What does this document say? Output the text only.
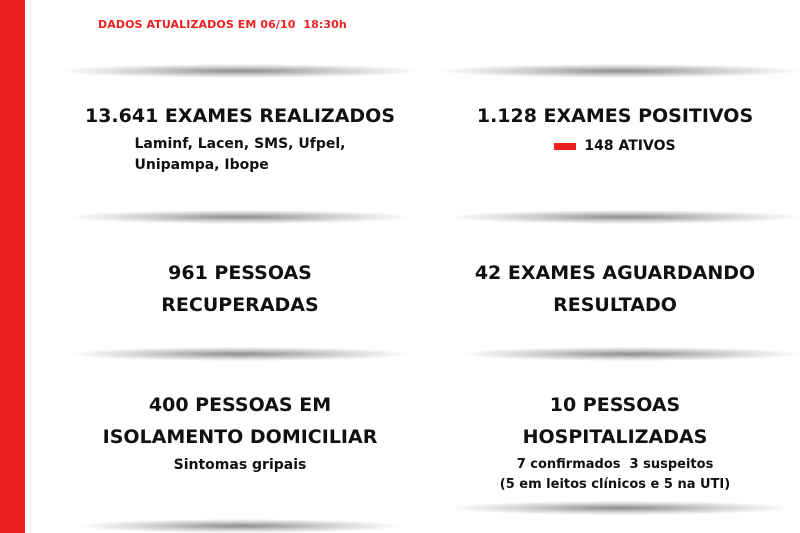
DADOS ATUALIZADOS EM 06/10  18:30h
13.641 EXAMES REALIZADOS
Laminf, Lacen, SMS, Ufpel,
Unipampa, Ibope
1.128 EXAMES POSITIVOS
148 ATIVOS
961 PESSOAS
RECUPERADAS
42 EXAMES AGUARDANDO
RESULTADO
400 PESSOAS EM
ISOLAMENTO DOMICILIAR
Sintomas gripais
10 PESSOAS
HOSPITALIZADAS
7 confirmados  3 suspeitos
(5 em leitos clínicos e 5 na UTI)
